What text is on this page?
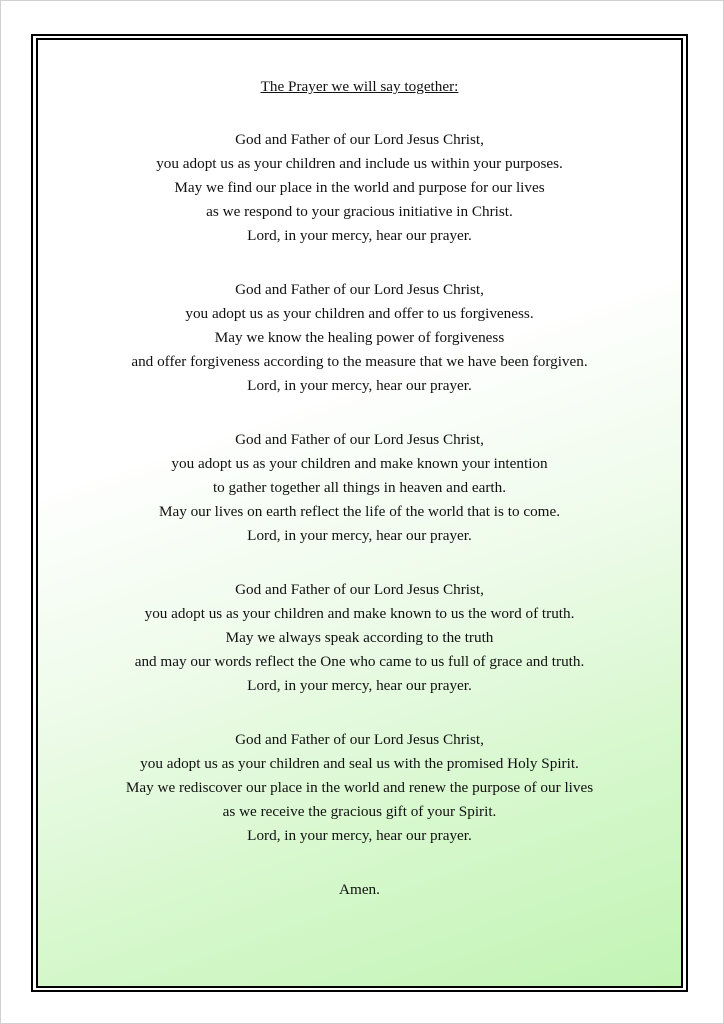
The Prayer we will say together:
God and Father of our Lord Jesus Christ,
you adopt us as your children and include us within your purposes.
May we find our place in the world and purpose for our lives
as we respond to your gracious initiative in Christ.
Lord, in your mercy, hear our prayer.
God and Father of our Lord Jesus Christ,
you adopt us as your children and offer to us forgiveness.
May we know the healing power of forgiveness
and offer forgiveness according to the measure that we have been forgiven.
Lord, in your mercy, hear our prayer.
God and Father of our Lord Jesus Christ,
you adopt us as your children and make known your intention
to gather together all things in heaven and earth.
May our lives on earth reflect the life of the world that is to come.
Lord, in your mercy, hear our prayer.
God and Father of our Lord Jesus Christ,
you adopt us as your children and make known to us the word of truth.
May we always speak according to the truth
and may our words reflect the One who came to us full of grace and truth.
Lord, in your mercy, hear our prayer.
God and Father of our Lord Jesus Christ,
you adopt us as your children and seal us with the promised Holy Spirit.
May we rediscover our place in the world and renew the purpose of our lives
as we receive the gracious gift of your Spirit.
Lord, in your mercy, hear our prayer.
Amen.
